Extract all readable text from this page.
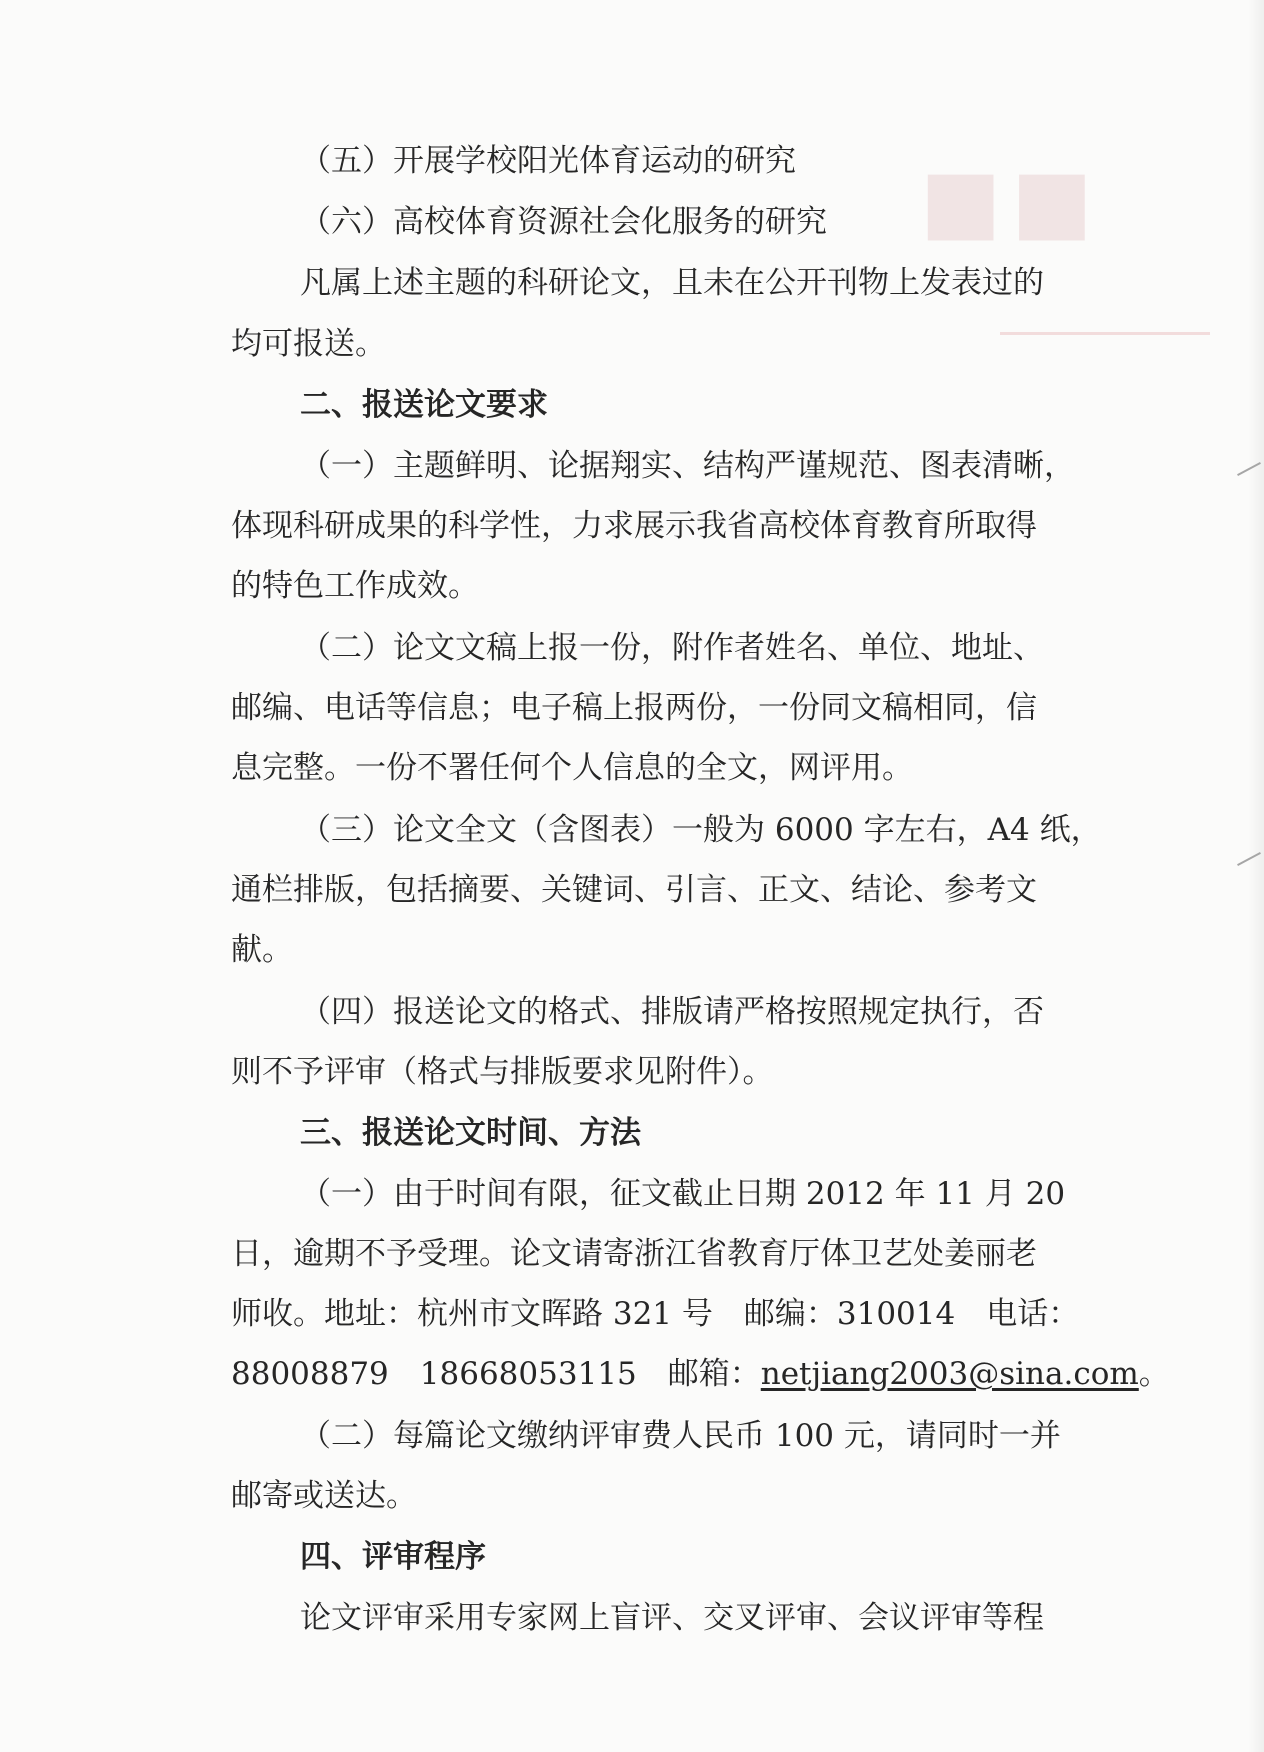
■■
（五）开展学校阳光体育运动的研究
（六）高校体育资源社会化服务的研究
凡属上述主题的科研论文，且未在公开刊物上发表过的
均可报送。
二、报送论文要求
（一）主题鲜明、论据翔实、结构严谨规范、图表清晰，
体现科研成果的科学性，力求展示我省高校体育教育所取得
的特色工作成效。
（二）论文文稿上报一份，附作者姓名、单位、地址、
邮编、电话等信息；电子稿上报两份，一份同文稿相同，信
息完整。一份不署任何个人信息的全文，网评用。
（三）论文全文（含图表）一般为 6000 字左右，A4 纸，
通栏排版，包括摘要、关键词、引言、正文、结论、参考文
献。
（四）报送论文的格式、排版请严格按照规定执行，否
则不予评审（格式与排版要求见附件）。
三、报送论文时间、方法
（一）由于时间有限，征文截止日期 2012 年 11 月 20
日，逾期不予受理。论文请寄浙江省教育厅体卫艺处姜丽老
师收。地址：杭州市文晖路 321 号　邮编：310014　电话：
88008879　18668053115　邮箱：netjiang2003@sina.com。
（二）每篇论文缴纳评审费人民币 100 元，请同时一并
邮寄或送达。
四、评审程序
论文评审采用专家网上盲评、交叉评审、会议评审等程
